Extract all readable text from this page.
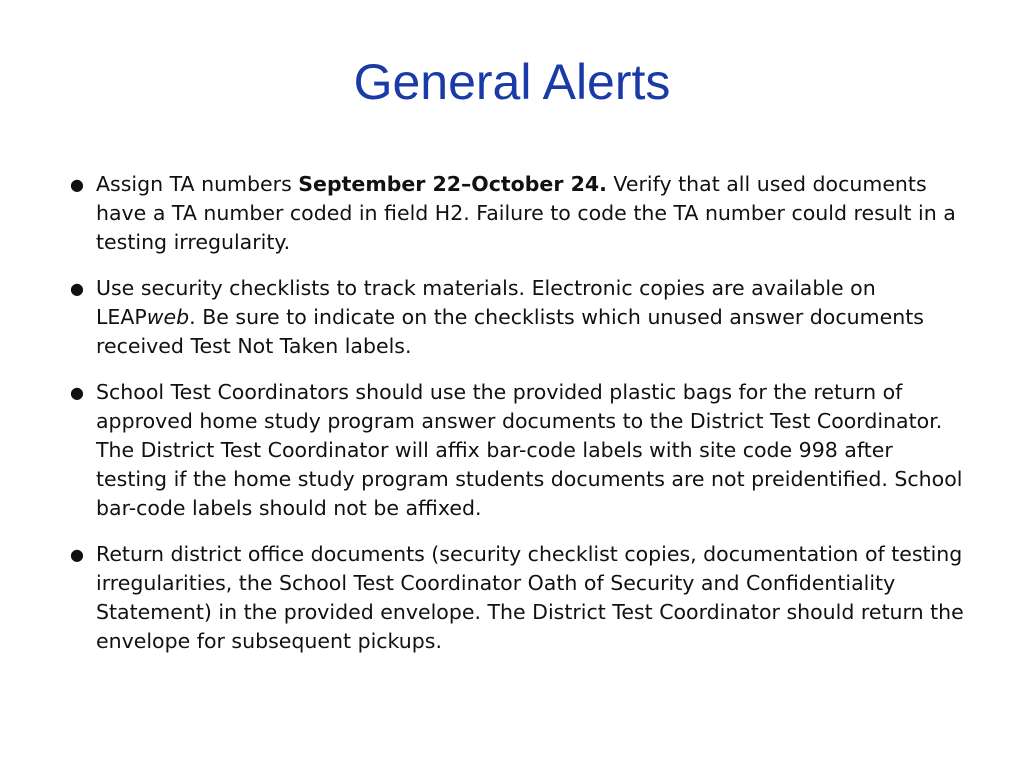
General Alerts
● Assign TA numbers September 22–October 24. Verify that all used documents have a TA number coded in field H2. Failure to code the TA number could result in a testing irregularity.
● Use security checklists to track materials. Electronic copies are available on LEAPweb. Be sure to indicate on the checklists which unused answer documents received Test Not Taken labels.
● School Test Coordinators should use the provided plastic bags for the return of approved home study program answer documents to the District Test Coordinator. The District Test Coordinator will affix bar-code labels with site code 998 after testing if the home study program students documents are not preidentified. School bar-code labels should not be affixed.
● Return district office documents (security checklist copies, documentation of testing irregularities, the School Test Coordinator Oath of Security and Confidentiality Statement) in the provided envelope. The District Test Coordinator should return the envelope for subsequent pickups.
